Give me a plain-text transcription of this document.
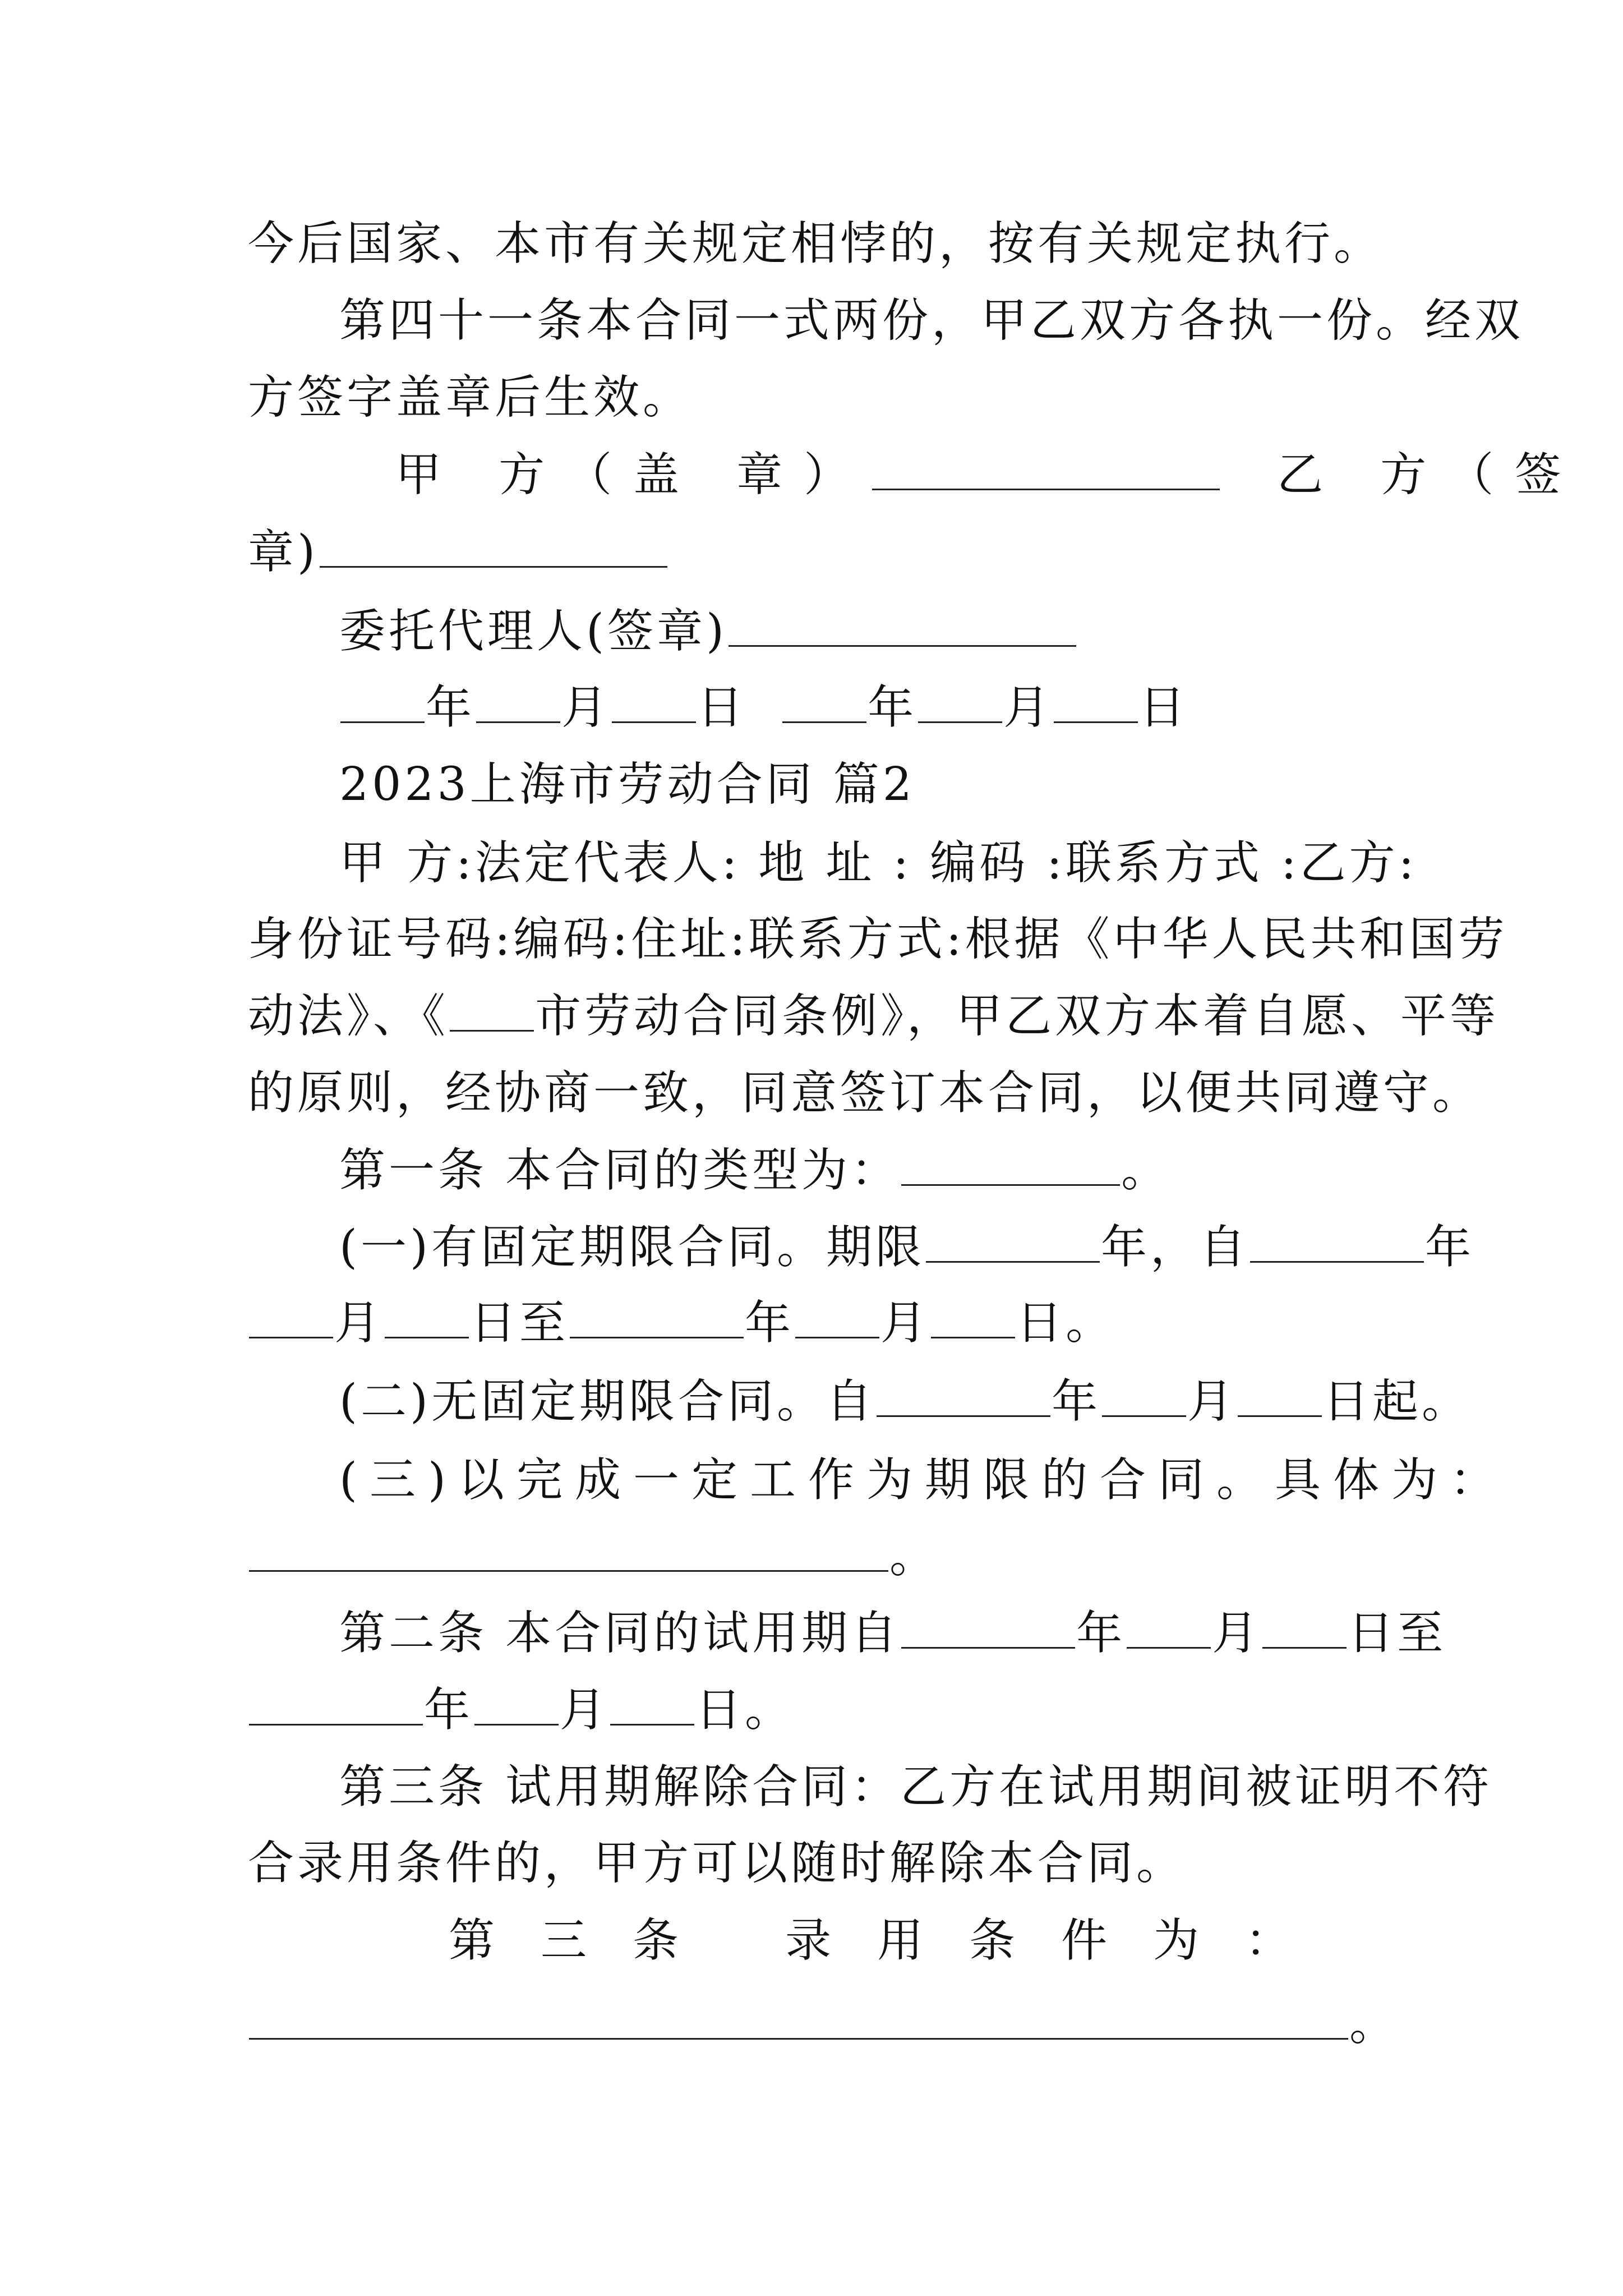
今后国家、本市有关规定相悖的，按有关规定执行。
第四十一条本合同一式两份，甲乙双方各执一份。经双
方签字盖章后生效。
甲 方（盖 章）	乙 方（签
章)
委托代理人(签章)
年 月 日 年 月 日
2023上海市劳动合同 篇2
甲 方:法定代表人: 地 址 : 编码 :联系方式 :乙方:
身份证号码:编码:住址:联系方式:根据《中华人民共和国劳
动法》、《 市劳动合同条例》，甲乙双方本着自愿、平等
的原则，经协商一致，同意签订本合同，以便共同遵守。
第一条 本合同的类型为：	。
(一)有固定期限合同。期限	年，自	年
月 日至	年 月 日。
(二)无固定期限合同。自	年 月 日起。
(三)以完成一定工作为期限的合同。具体为：
。
第二条 本合同的试用期自	年 月 日至
年 月 日。
第三条 试用期解除合同：乙方在试用期间被证明不符
合录用条件的，甲方可以随时解除本合同。
第三条 录用条件为：
。
